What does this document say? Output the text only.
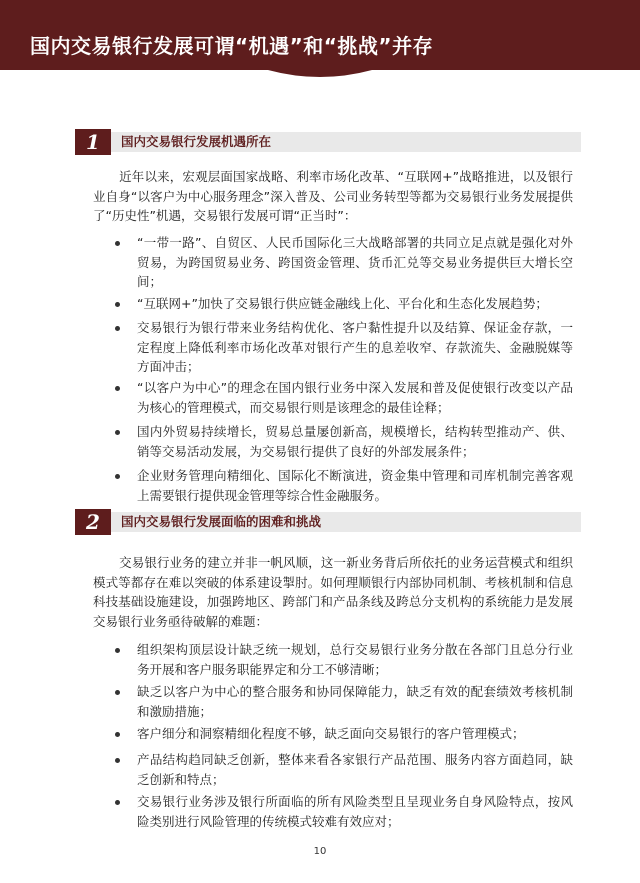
国内交易银行发展可谓“机遇”和“挑战”并存
1	国内交易银行发展机遇所在
近年以来，宏观层面国家战略、利率市场化改革、“互联网+”战略推进，以及银行业自身“以客户为中心服务理念”深入普及、公司业务转型等都为交易银行业务发展提供了“历史性”机遇，交易银行发展可谓“正当时”：
“一带一路”、自贸区、人民币国际化三大战略部署的共同立足点就是强化对外贸易，为跨国贸易业务、跨国资金管理、货币汇兑等交易业务提供巨大增长空间；
“互联网+”加快了交易银行供应链金融线上化、平台化和生态化发展趋势；
交易银行为银行带来业务结构优化、客户黏性提升以及结算、保证金存款，一定程度上降低利率市场化改革对银行产生的息差收窄、存款流失、金融脱媒等方面冲击；
“以客户为中心”的理念在国内银行业务中深入发展和普及促使银行改变以产品为核心的管理模式，而交易银行则是该理念的最佳诠释；
国内外贸易持续增长，贸易总量屡创新高，规模增长，结构转型推动产、供、销等交易活动发展，为交易银行提供了良好的外部发展条件；
企业财务管理向精细化、国际化不断演进，资金集中管理和司库机制完善客观上需要银行提供现金管理等综合性金融服务。
2	国内交易银行发展面临的困难和挑战
交易银行业务的建立并非一帆风顺，这一新业务背后所依托的业务运营模式和组织模式等都存在难以突破的体系建设掣肘。如何理顺银行内部协同机制、考核机制和信息科技基础设施建设，加强跨地区、跨部门和产品条线及跨总分支机构的系统能力是发展交易银行业务亟待破解的难题：
组织架构顶层设计缺乏统一规划，总行交易银行业务分散在各部门且总分行业务开展和客户服务职能界定和分工不够清晰；
缺乏以客户为中心的整合服务和协同保障能力，缺乏有效的配套绩效考核机制和激励措施；
客户细分和洞察精细化程度不够，缺乏面向交易银行的客户管理模式；
产品结构趋同缺乏创新，整体来看各家银行产品范围、服务内容方面趋同，缺乏创新和特点；
交易银行业务涉及银行所面临的所有风险类型且呈现业务自身风险特点，按风险类别进行风险管理的传统模式较难有效应对；
10
